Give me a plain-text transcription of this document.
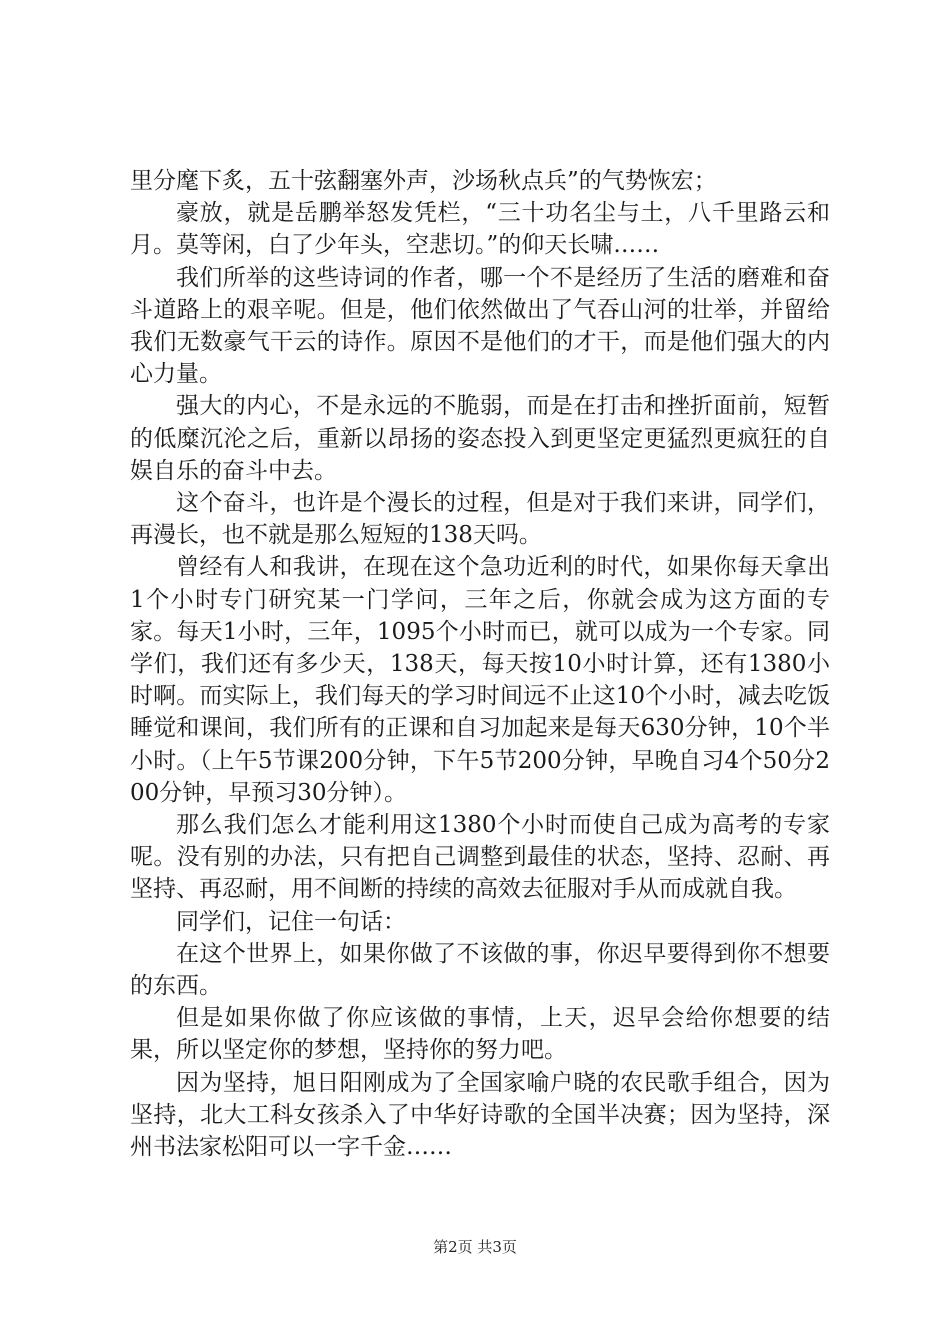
里分麾下炙，五十弦翻塞外声，沙场秋点兵”的气势恢宏；

豪放，就是岳鹏举怒发凭栏，“三十功名尘与土，八千里路云和月。莫等闲，白了少年头，空悲切。”的仰天长啸……

我们所举的这些诗词的作者，哪一个不是经历了生活的磨难和奋斗道路上的艰辛呢。但是，他们依然做出了气吞山河的壮举，并留给我们无数豪气干云的诗作。原因不是他们的才干，而是他们强大的内心力量。

强大的内心，不是永远的不脆弱，而是在打击和挫折面前，短暂的低糜沉沦之后，重新以昂扬的姿态投入到更坚定更猛烈更疯狂的自娱自乐的奋斗中去。

这个奋斗，也许是个漫长的过程，但是对于我们来讲，同学们，再漫长，也不就是那么短短的138天吗。

曾经有人和我讲，在现在这个急功近利的时代，如果你每天拿出1个小时专门研究某一门学问，三年之后，你就会成为这方面的专家。每天1小时，三年，1095个小时而已，就可以成为一个专家。同学们，我们还有多少天，138天，每天按10小时计算，还有1380小时啊。而实际上，我们每天的学习时间远不止这10个小时，减去吃饭睡觉和课间，我们所有的正课和自习加起来是每天630分钟，10个半小时。（上午5节课200分钟，下午5节200分钟，早晚自习4个50分200分钟，早预习30分钟）。

那么我们怎么才能利用这1380个小时而使自己成为高考的专家呢。没有别的办法，只有把自己调整到最佳的状态，坚持、忍耐、再坚持、再忍耐，用不间断的持续的高效去征服对手从而成就自我。

同学们，记住一句话：

在这个世界上，如果你做了不该做的事，你迟早要得到你不想要的东西。

但是如果你做了你应该做的事情，上天，迟早会给你想要的结果，所以坚定你的梦想，坚持你的努力吧。

因为坚持，旭日阳刚成为了全国家喻户晓的农民歌手组合，因为坚持，北大工科女孩杀入了中华好诗歌的全国半决赛；因为坚持，深州书法家松阳可以一字千金……

第2页 共3页
